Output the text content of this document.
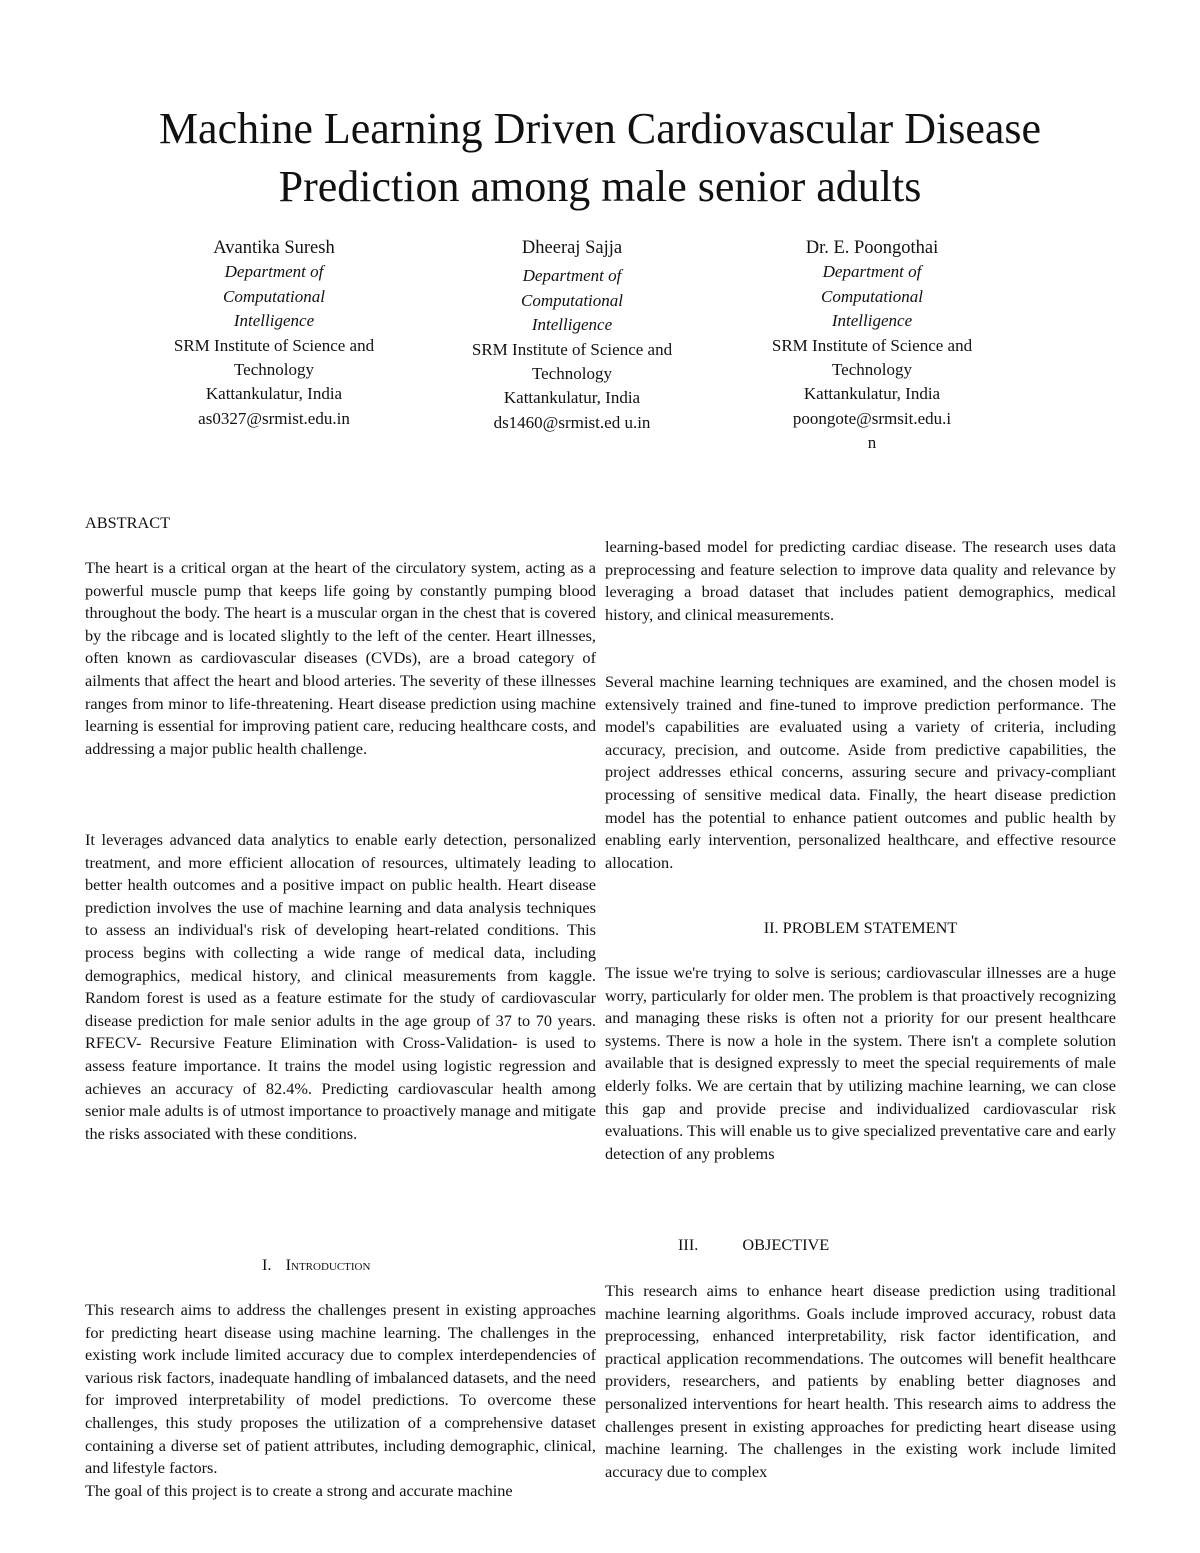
Machine Learning Driven Cardiovascular Disease
Prediction among male senior adults
Avantika Suresh
Department of
Computational
Intelligence
SRM Institute of Science and
Technology
Kattankulatur, India
as0327@srmist.edu.in
Dheeraj Sajja
Department of
Computational
Intelligence
SRM Institute of Science and
Technology
Kattankulatur, India
ds1460@srmist.ed u.in
Dr. E. Poongothai
Department of
Computational
Intelligence
SRM Institute of Science and
Technology
Kattankulatur, India
poongote@srmsit.edu.i
n
ABSTRACT

The heart is a critical organ at the heart of the circulatory system, acting as a powerful muscle pump that keeps life going by constantly pumping blood throughout the body. The heart is a muscular organ in the chest that is covered by the ribcage and is located slightly to the left of the center. Heart illnesses, often known as cardiovascular diseases (CVDs), are a broad category of ailments that affect the heart and blood arteries. The severity of these illnesses ranges from minor to life-threatening. Heart disease prediction using machine learning is essential for improving patient care, reducing healthcare costs, and addressing a major public health challenge.

It leverages advanced data analytics to enable early detection, personalized treatment, and more efficient allocation of resources, ultimately leading to better health outcomes and a positive impact on public health. Heart disease prediction involves the use of machine learning and data analysis techniques to assess an individual's risk of developing heart-related conditions. This process begins with collecting a wide range of medical data, including demographics, medical history, and clinical measurements from kaggle. Random forest is used as a feature estimate for the study of cardiovascular disease prediction for male senior adults in the age group of 37 to 70 years. RFECV- Recursive Feature Elimination with Cross-Validation- is used to assess feature importance. It trains the model using logistic regression and achieves an accuracy of 82.4%. Predicting cardiovascular health among senior male adults is of utmost importance to proactively manage and mitigate the risks associated with these conditions.

I. Introduction

This research aims to address the challenges present in existing approaches for predicting heart disease using machine learning. The challenges in the existing work include limited accuracy due to complex interdependencies of various risk factors, inadequate handling of imbalanced datasets, and the need for improved interpretability of model predictions. To overcome these challenges, this study proposes the utilization of a comprehensive dataset containing a diverse set of patient attributes, including demographic, clinical, and lifestyle factors.

The goal of this project is to create a strong and accurate machine

learning-based model for predicting cardiac disease. The research uses data preprocessing and feature selection to improve data quality and relevance by leveraging a broad dataset that includes patient demographics, medical history, and clinical measurements.

Several machine learning techniques are examined, and the chosen model is extensively trained and fine-tuned to improve prediction performance. The model's capabilities are evaluated using a variety of criteria, including accuracy, precision, and outcome. Aside from predictive capabilities, the project addresses ethical concerns, assuring secure and privacy-compliant processing of sensitive medical data. Finally, the heart disease prediction model has the potential to enhance patient outcomes and public health by enabling early intervention, personalized healthcare, and effective resource allocation.

II. PROBLEM STATEMENT

The issue we're trying to solve is serious; cardiovascular illnesses are a huge worry, particularly for older men. The problem is that proactively recognizing and managing these risks is often not a priority for our present healthcare systems. There is now a hole in the system. There isn't a complete solution available that is designed expressly to meet the special requirements of male elderly folks. We are certain that by utilizing machine learning, we can close this gap and provide precise and individualized cardiovascular risk evaluations. This will enable us to give specialized preventative care and early detection of any problems

III.	OBJECTIVE

This research aims to enhance heart disease prediction using traditional machine learning algorithms. Goals include improved accuracy, robust data preprocessing, enhanced interpretability, risk factor identification, and practical application recommendations. The outcomes will benefit healthcare providers, researchers, and patients by enabling better diagnoses and personalized interventions for heart health. This research aims to address the challenges present in existing approaches for predicting heart disease using machine learning. The challenges in the existing work include limited accuracy due to complex
